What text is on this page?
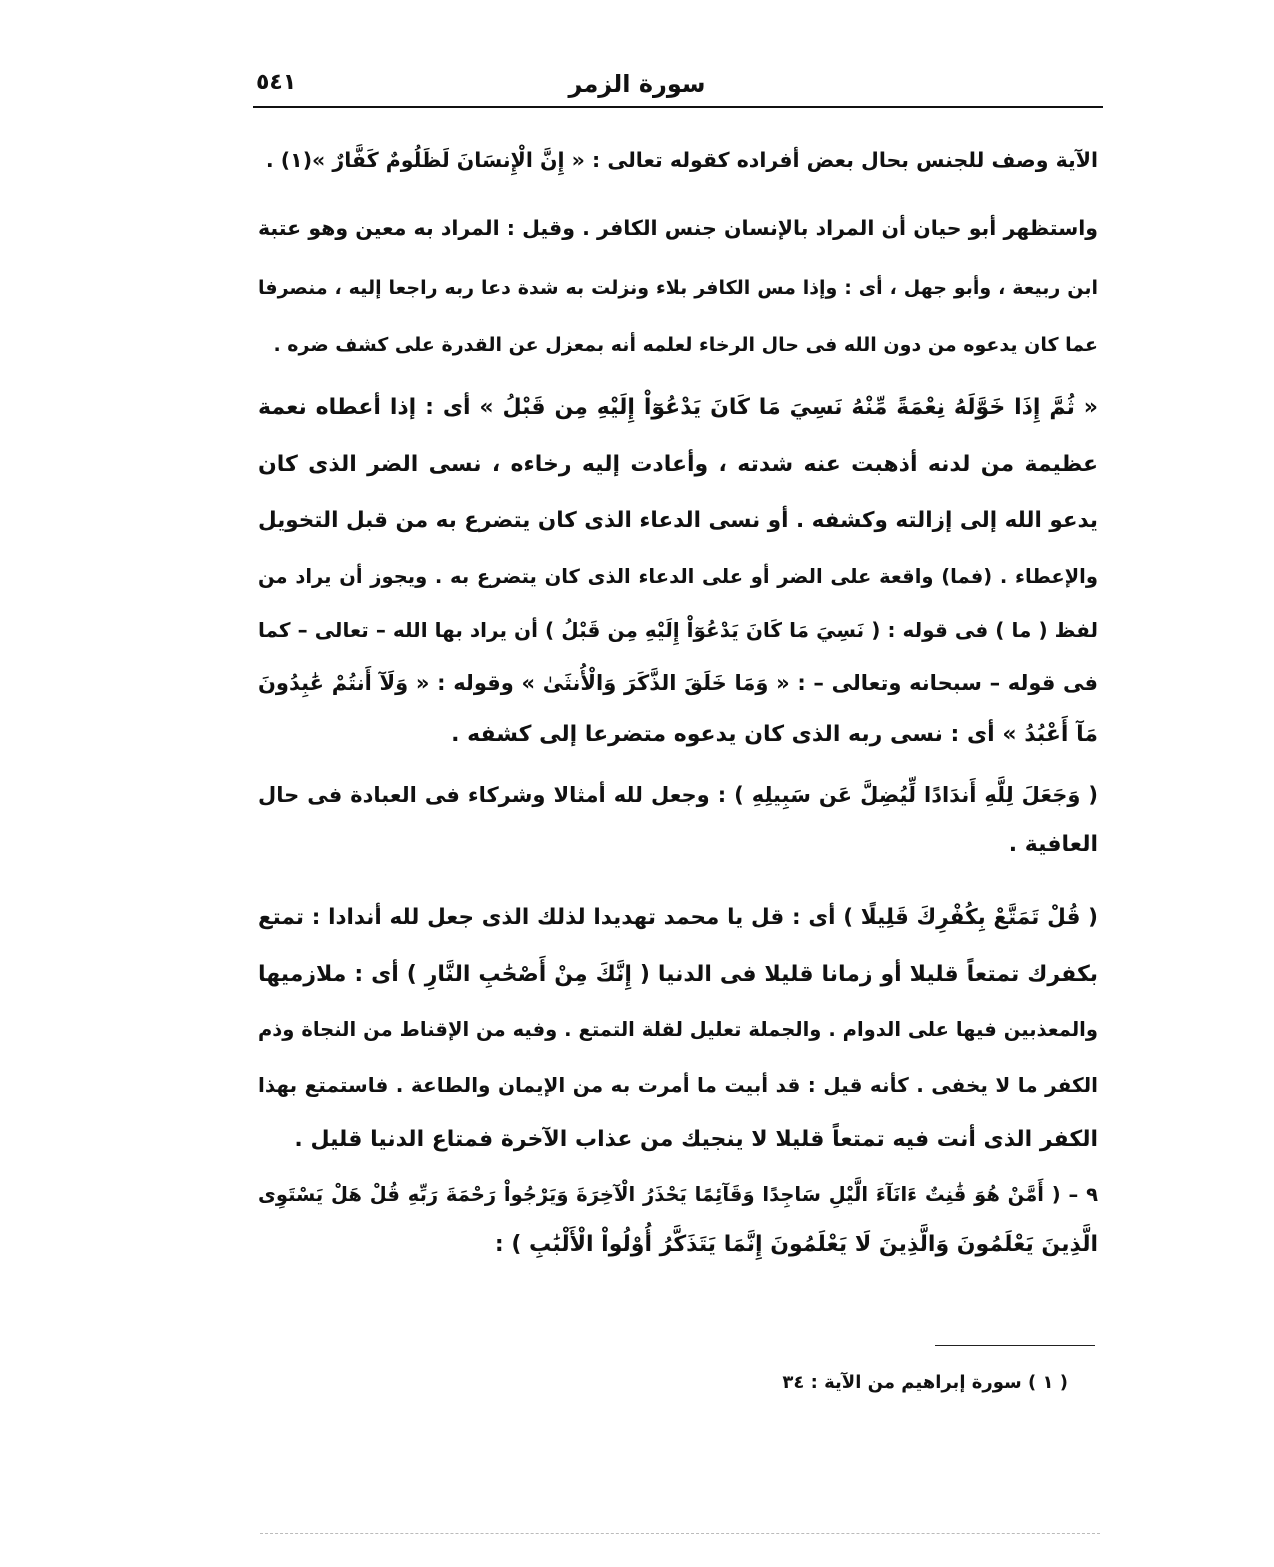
سورة الزمر
٥٤١
الآية وصف للجنس بحال بعض أفراده كقوله تعالى : « إِنَّ الْإِنسَانَ لَظَلُومٌ كَفَّارٌ »(١) .
واستظهر أبو حيان أن المراد بالإنسان جنس الكافر . وقيل : المراد به معين وهو عتبة
ابن ربيعة ، وأبو جهل ، أى : وإذا مس الكافر بلاء ونزلت به شدة دعا ربه راجعا إليه ، منصرفا
عما كان يدعوه من دون الله فى حال الرخاء لعلمه أنه بمعزل عن القدرة على كشف ضره .
« ثُمَّ إِذَا خَوَّلَهُ نِعْمَةً مِّنْهُ نَسِيَ مَا كَانَ يَدْعُوٓاْ إِلَيْهِ مِن قَبْلُ » أى : إذا أعطاه نعمة
عظيمة من لدنه أذهبت عنه شدته ، وأعادت إليه رخاءه ، نسى الضر الذى كان
يدعو الله إلى إزالته وكشفه . أو نسى الدعاء الذى كان يتضرع به من قبل التخويل
والإعطاء . (فما) واقعة على الضر أو على الدعاء الذى كان يتضرع به . ويجوز أن يراد من
لفظ ( ما ) فى قوله : ( نَسِيَ مَا كَانَ يَدْعُوٓاْ إِلَيْهِ مِن قَبْلُ ) أن يراد بها الله – تعالى – كما
فى قوله – سبحانه وتعالى – : « وَمَا خَلَقَ الذَّكَرَ وَالْأُنثَىٰ » وقوله : « وَلَآ أَنتُمْ عَٰبِدُونَ
مَآ أَعْبُدُ » أى : نسى ربه الذى كان يدعوه متضرعا إلى كشفه .
( وَجَعَلَ لِلَّهِ أَندَادًا لِّيُضِلَّ عَن سَبِيلِهِ ) : وجعل لله أمثالا وشركاء فى العبادة فى حال
العافية .
( قُلْ تَمَتَّعْ بِكُفْرِكَ قَلِيلًا ) أى : قل يا محمد تهديدا لذلك الذى جعل لله أندادا : تمتع
بكفرك تمتعاً قليلا أو زمانا قليلا فى الدنيا ( إِنَّكَ مِنْ أَصْحَٰبِ النَّارِ ) أى : ملازميها
والمعذبين فيها على الدوام . والجملة تعليل لقلة التمتع . وفيه من الإقناط من النجاة وذم
الكفر ما لا يخفى . كأنه قيل : قد أبيت ما أمرت به من الإيمان والطاعة . فاستمتع بهذا
الكفر الذى أنت فيه تمتعاً قليلا لا ينجيك من عذاب الآخرة فمتاع الدنيا قليل .
٩ – ( أَمَّنْ هُوَ قَٰنِتٌ ءَانَآءَ الَّيْلِ سَاجِدًا وَقَآئِمًا يَحْذَرُ الْآخِرَةَ وَيَرْجُواْ رَحْمَةَ رَبِّهِ قُلْ هَلْ يَسْتَوِى
الَّذِينَ يَعْلَمُونَ وَالَّذِينَ لَا يَعْلَمُونَ إِنَّمَا يَتَذَكَّرُ أُوْلُواْ الْأَلْبَٰبِ ) :
( ١ ) سورة إبراهيم من الآية : ٣٤
